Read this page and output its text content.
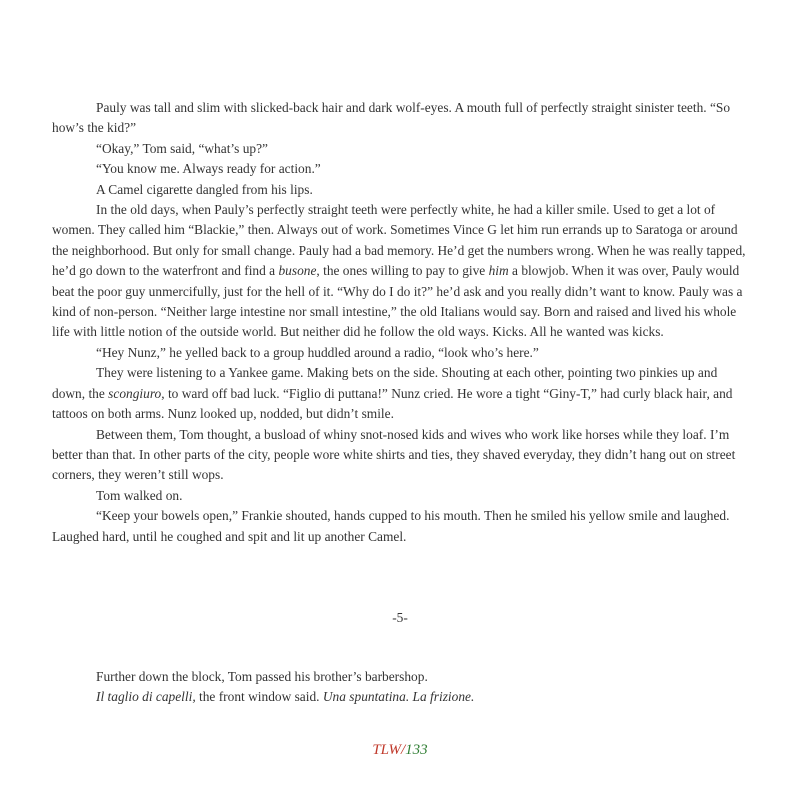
Pauly was tall and slim with slicked-back hair and dark wolf-eyes. A mouth full of perfectly straight sinister teeth. “So how’s the kid?”

“Okay,” Tom said, “what’s up?”

“You know me. Always ready for action.”

A Camel cigarette dangled from his lips.

In the old days, when Pauly’s perfectly straight teeth were perfectly white, he had a killer smile. Used to get a lot of women. They called him “Blackie,” then. Always out of work. Sometimes Vince G let him run errands up to Saratoga or around the neighborhood. But only for small change. Pauly had a bad memory. He’d get the numbers wrong. When he was really tapped, he’d go down to the waterfront and find a busone, the ones willing to pay to give him a blowjob. When it was over, Pauly would beat the poor guy unmercifully, just for the hell of it. “Why do I do it?” he’d ask and you really didn’t want to know. Pauly was a kind of non-person. “Neither large intestine nor small intestine,” the old Italians would say. Born and raised and lived his whole life with little notion of the outside world. But neither did he follow the old ways. Kicks. All he wanted was kicks.

“Hey Nunz,” he yelled back to a group huddled around a radio, “look who’s here.”

They were listening to a Yankee game. Making bets on the side. Shouting at each other, pointing two pinkies up and down, the scongiuro, to ward off bad luck. “Figlio di puttana!” Nunz cried. He wore a tight “Giny-T,” had curly black hair, and tattoos on both arms. Nunz looked up, nodded, but didn’t smile.

Between them, Tom thought, a busload of whiny snot-nosed kids and wives who work like horses while they loaf. I’m better than that. In other parts of the city, people wore white shirts and ties, they shaved everyday, they didn’t hang out on street corners, they weren’t still wops.

Tom walked on.

“Keep your bowels open,” Frankie shouted, hands cupped to his mouth. Then he smiled his yellow smile and laughed. Laughed hard, until he coughed and spit and lit up another Camel.

-5-

Further down the block, Tom passed his brother’s barbershop.

Il taglio di capelli, the front window said. Una spuntatina. La frizione.

TLW/133
